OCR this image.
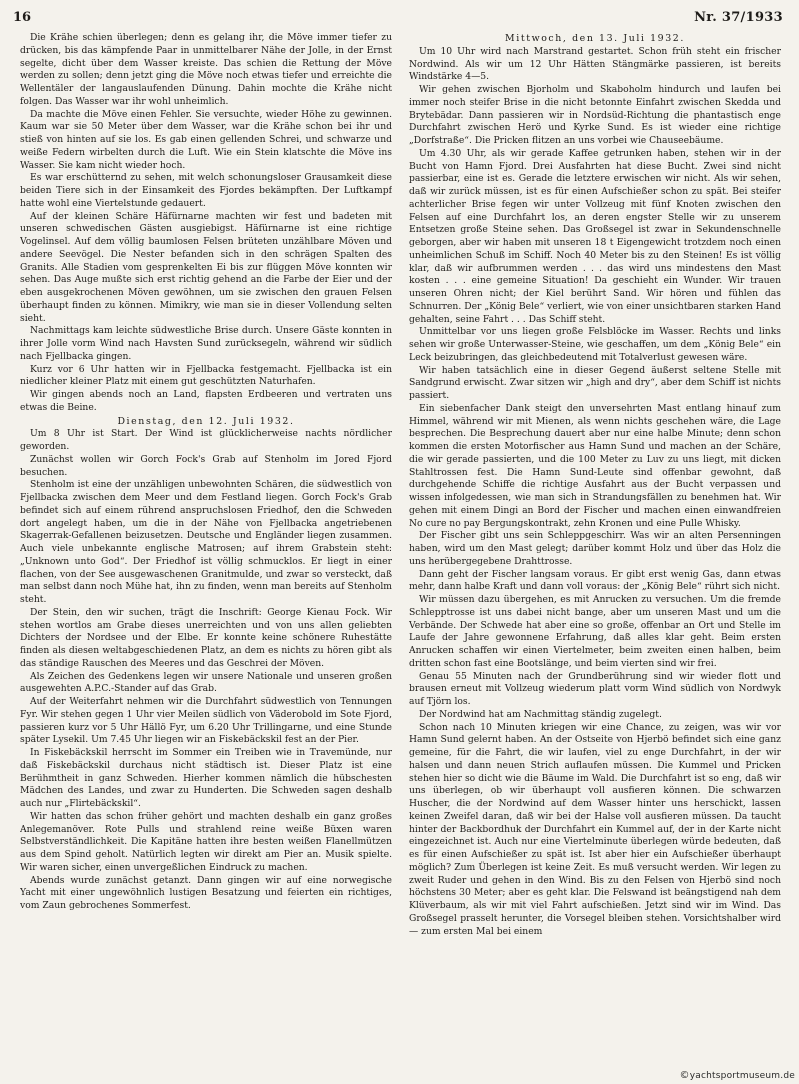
16	Nr. 37/1933

Die Krähe schien überlegen; denn es gelang ihr, die Möve immer tiefer zu drücken, bis das kämpfende Paar in unmittelbarer Nähe der Jolle, in der Ernst segelte, dicht über dem Wasser kreiste. Das schien die Rettung der Möve werden zu sollen; denn jetzt ging die Möve noch etwas tiefer und erreichte die Wellentäler der langauslaufenden Dünung. Dahin mochte die Krähe nicht folgen. Das Wasser war ihr wohl unheimlich.

Da machte die Möve einen Fehler. Sie versuchte, wieder Höhe zu gewinnen. Kaum war sie 50 Meter über dem Wasser, war die Krähe schon bei ihr und stieß von hinten auf sie los. Es gab einen gellenden Schrei, und schwarze und weiße Federn wirbelten durch die Luft. Wie ein Stein klatschte die Möve ins Wasser. Sie kam nicht wieder hoch.

Es war erschütternd zu sehen, mit welch schonungsloser Grausamkeit diese beiden Tiere sich in der Einsamkeit des Fjordes bekämpften. Der Luftkampf hatte wohl eine Viertelstunde gedauert.

Auf der kleinen Schäre Häfürnarne machten wir fest und badeten mit unseren schwedischen Gästen ausgiebigst. Häfürnarne ist eine richtige Vogelinsel. Auf dem völlig baumlosen Felsen brüteten unzählbare Möven und andere Seevögel. Die Nester befanden sich in den schrägen Spalten des Granits. Alle Stadien vom gesprenkelten Ei bis zur flüggen Möve konnten wir sehen. Das Auge mußte sich erst richtig gehend an die Farbe der Eier und der eben ausgekrochenen Möven gewöhnen, um sie zwischen den grauen Felsen überhaupt finden zu können. Mimikry, wie man sie in dieser Vollendung selten sieht.

Nachmittags kam leichte südwestliche Brise durch. Unsere Gäste konnten in ihrer Jolle vorm Wind nach Havsten Sund zurücksegeln, während wir südlich nach Fjellbacka gingen.

Kurz vor 6 Uhr hatten wir in Fjellbacka festgemacht. Fjellbacka ist ein niedlicher kleiner Platz mit einem gut geschützten Naturhafen.

Wir gingen abends noch an Land, flapsten Erdbeeren und vertraten uns etwas die Beine.

Dienstag, den 12. Juli 1932.

Um 8 Uhr ist Start. Der Wind ist glücklicherweise nachts nördlicher geworden.

Zunächst wollen wir Gorch Fock's Grab auf Stenholm im Jored Fjord besuchen.

Stenholm ist eine der unzähligen unbewohnten Schären, die südwestlich von Fjellbacka zwischen dem Meer und dem Festland liegen. Gorch Fock's Grab befindet sich auf einem rührend anspruchslosen Friedhof, den die Schweden dort angelegt haben, um die in der Nähe von Fjellbacka angetriebenen Skagerrak-Gefallenen beizusetzen. Deutsche und Engländer liegen zusammen. Auch viele unbekannte englische Matrosen; auf ihrem Grabstein steht: „Unknown unto God“. Der Friedhof ist völlig schmucklos. Er liegt in einer flachen, von der See ausgewaschenen Granitmulde, und zwar so versteckt, daß man selbst dann noch Mühe hat, ihn zu finden, wenn man bereits auf Stenholm steht.

Der Stein, den wir suchen, trägt die Inschrift: George Kienau Fock. Wir stehen wortlos am Grabe dieses unerreichten und von uns allen geliebten Dichters der Nordsee und der Elbe. Er konnte keine schönere Ruhestätte finden als diesen weltabgeschiedenen Platz, an dem es nichts zu hören gibt als das ständige Rauschen des Meeres und das Geschrei der Möven.

Als Zeichen des Gedenkens legen wir unsere Nationale und unseren großen ausgewehten A.P.C.-Stander auf das Grab.

Auf der Weiterfahrt nehmen wir die Durchfahrt südwestlich von Tennungen Fyr. Wir stehen gegen 1 Uhr vier Meilen südlich von Väderobold im Sote Fjord, passieren kurz vor 5 Uhr Hällö Fyr, um 6.20 Uhr Trillingarne, und eine Stunde später Lysekil. Um 7.45 Uhr liegen wir an Fiskebäckskil fest an der Pier.

In Fiskebäckskil herrscht im Sommer ein Treiben wie in Travemünde, nur daß Fiskebäckskil durchaus nicht städtisch ist. Dieser Platz ist eine Berühmtheit in ganz Schweden. Hierher kommen nämlich die hübschesten Mädchen des Landes, und zwar zu Hunderten. Die Schweden sagen deshalb auch nur „Flirtebäckskil“.

Wir hatten das schon früher gehört und machten deshalb ein ganz großes Anlegemanöver. Rote Pulls und strahlend reine weiße Büxen waren Selbstverständlichkeit. Die Kapitäne hatten ihre besten weißen Flanellmützen aus dem Spind geholt. Natürlich legten wir direkt am Pier an. Musik spielte. Wir waren sicher, einen unvergeßlichen Eindruck zu machen.

Abends wurde zunächst getanzt. Dann gingen wir auf eine norwegische Yacht mit einer ungewöhnlich lustigen Besatzung und feierten ein richtiges, vom Zaun gebrochenes Sommerfest.

Mittwoch, den 13. Juli 1932.

Um 10 Uhr wird nach Marstrand gestartet. Schon früh steht ein frischer Nordwind. Als wir um 12 Uhr Hätten Stängmärke passieren, ist bereits Windstärke 4—5.

Wir gehen zwischen Bjorholm und Skaboholm hindurch und laufen bei immer noch steifer Brise in die nicht betonnte Einfahrt zwischen Skedda und Brytebädar. Dann passieren wir in Nordsüd-Richtung die phantastisch enge Durchfahrt zwischen Herö und Kyrke Sund. Es ist wieder eine richtige „Dorfstraße“. Die Pricken flitzen an uns vorbei wie Chauseebäume.

Um 4.30 Uhr, als wir gerade Kaffee getrunken haben, stehen wir in der Bucht von Hamn Fjord. Drei Ausfahrten hat diese Bucht. Zwei sind nicht passierbar, eine ist es. Gerade die letztere erwischen wir nicht. Als wir sehen, daß wir zurück müssen, ist es für einen Aufschießer schon zu spät. Bei steifer achterlicher Brise fegen wir unter Vollzeug mit fünf Knoten zwischen den Felsen auf eine Durchfahrt los, an deren engster Stelle wir zu unserem Entsetzen große Steine sehen. Das Großsegel ist zwar in Sekundenschnelle geborgen, aber wir haben mit unseren 18 t Eigengewicht trotzdem noch einen unheimlichen Schuß im Schiff. Noch 40 Meter bis zu den Steinen! Es ist völlig klar, daß wir aufbrummen werden . . . das wird uns mindestens den Mast kosten . . . eine gemeine Situation! Da geschieht ein Wunder. Wir trauen unseren Ohren nicht; der Kiel berührt Sand. Wir hören und fühlen das Schnurren. Der „König Bele“ verliert, wie von einer unsichtbaren starken Hand gehalten, seine Fahrt . . . Das Schiff steht.

Unmittelbar vor uns liegen große Felsblöcke im Wasser. Rechts und links sehen wir große Unterwasser-Steine, wie geschaffen, um dem „König Bele“ ein Leck beizubringen, das gleichbedeutend mit Totalverlust gewesen wäre.

Wir haben tatsächlich eine in dieser Gegend äußerst seltene Stelle mit Sandgrund erwischt. Zwar sitzen wir „high and dry“, aber dem Schiff ist nichts passiert.

Ein siebenfacher Dank steigt den unversehrten Mast entlang hinauf zum Himmel, während wir mit Mienen, als wenn nichts geschehen wäre, die Lage besprechen. Die Besprechung dauert aber nur eine halbe Minute; denn schon kommen die ersten Motorfischer aus Hamn Sund und machen an der Schäre, die wir gerade passierten, und die 100 Meter zu Luv zu uns liegt, mit dicken Stahltrossen fest. Die Hamn Sund-Leute sind offenbar gewohnt, daß durchgehende Schiffe die richtige Ausfahrt aus der Bucht verpassen und wissen infolgedessen, wie man sich in Strandungsfällen zu benehmen hat. Wir gehen mit einem Dingi an Bord der Fischer und machen einen einwandfreien No cure no pay Bergungskontrakt, zehn Kronen und eine Pulle Whisky.

Der Fischer gibt uns sein Schleppgeschirr. Was wir an alten Persenningen haben, wird um den Mast gelegt; darüber kommt Holz und über das Holz die uns herübergegebene Drahttrosse.

Dann geht der Fischer langsam voraus. Er gibt erst wenig Gas, dann etwas mehr, dann halbe Kraft und dann voll voraus: der „König Bele“ rührt sich nicht.

Wir müssen dazu übergehen, es mit Anrucken zu versuchen. Um die fremde Schlepptrosse ist uns dabei nicht bange, aber um unseren Mast und um die Verbände. Der Schwede hat aber eine so große, offenbar an Ort und Stelle im Laufe der Jahre gewonnene Erfahrung, daß alles klar geht. Beim ersten Anrucken schaffen wir einen Viertelmeter, beim zweiten einen halben, beim dritten schon fast eine Bootslänge, und beim vierten sind wir frei.

Genau 55 Minuten nach der Grundberührung sind wir wieder flott und brausen erneut mit Vollzeug wiederum platt vorm Wind südlich von Nordwyk auf Tjörn los.

Der Nordwind hat am Nachmittag ständig zugelegt.

Schon nach 10 Minuten kriegen wir eine Chance, zu zeigen, was wir vor Hamn Sund gelernt haben. An der Ostseite von Hjerbö befindet sich eine ganz gemeine, für die Fahrt, die wir laufen, viel zu enge Durchfahrt, in der wir halsen und dann neuen Strich auflaufen müssen. Die Kummel und Pricken stehen hier so dicht wie die Bäume im Wald. Die Durchfahrt ist so eng, daß wir uns überlegen, ob wir überhaupt voll ausfieren können. Die schwarzen Huscher, die der Nordwind auf dem Wasser hinter uns herschickt, lassen keinen Zweifel daran, daß wir bei der Halse voll ausfieren müssen. Da taucht hinter der Backbordhuk der Durchfahrt ein Kummel auf, der in der Karte nicht eingezeichnet ist. Auch nur eine Viertelminute überlegen würde bedeuten, daß es für einen Aufschießer zu spät ist. Ist aber hier ein Aufschießer überhaupt möglich? Zum Überlegen ist keine Zeit. Es muß versucht werden. Wir legen zu zweit Ruder und gehen in den Wind. Bis zu den Felsen von Hjerbö sind noch höchstens 30 Meter; aber es geht klar. Die Felswand ist beängstigend nah dem Klüverbaum, als wir mit viel Fahrt aufschießen. Jetzt sind wir im Wind. Das Großsegel prasselt herunter, die Vorsegel bleiben stehen. Vorsichtshalber wird — zum ersten Mal bei einem

©yachtsportmuseum.de
